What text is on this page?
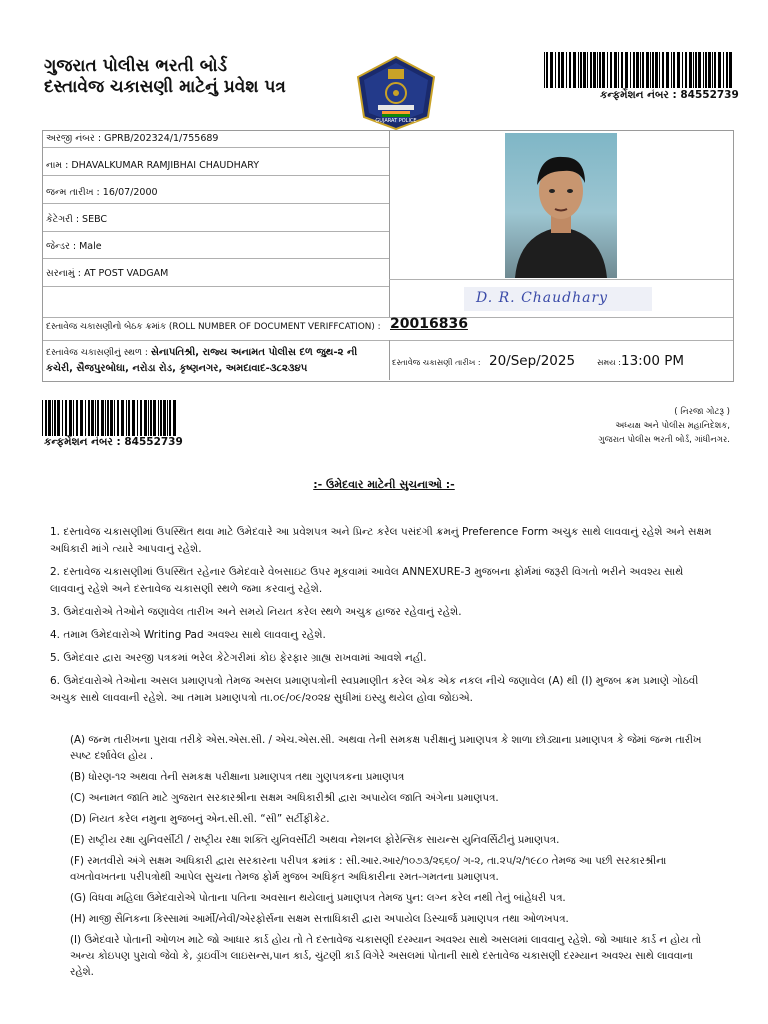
ગુજરાત પોલીસ ભરતી બોર્ડ
દસ્તાવેજ ચકાસણી માટેનું પ્રવેશ પત્ર
GUJARAT POLICE
કન્ફર્મેશન નંબર : 84552739
અરજી નંબર : GPRB/202324/1/755689
નામ : DHAVALKUMAR RAMJIBHAI CHAUDHARY
જન્મ તારીખ : 16/07/2000
કેટેગરી : SEBC
જેન્ડર : Male
સરનામું : AT POST VADGAM
D. R. Chaudhary
દસ્તાવેજ ચકાસણીનો બેઠક ક્રમાંક (ROLL NUMBER OF DOCUMENT VERIFFCATION) : 20016836
દસ્તાવેજ ચકાસણીનું સ્થળ : સેનાપતિશ્રી, રાજ્ય અનામત પોલીસ દળ જુથ-૨ ની
કચેરી, સૈજપુરબોઘા, નરોડા રોડ, કૃષ્ણનગર, અમદાવાદ-૩૮૨૩૪૫
દસ્તાવેજ ચકાસણી તારીખ : 20/Sep/2025	સમય : 13:00 PM
કન્ફર્મેશન નંબર : 84552739
( નિરજા ગોટરૂ )
અધ્યક્ષ અને પોલીસ મહાનિદેશક,
ગુજરાત પોલીસ ભરતી બોર્ડ, ગાંધીનગર.
:- ઉમેદવાર માટેની સુચનાઓ :-

1. દસ્તાવેજ ચકાસણીમાં ઉપસ્થિત થવા માટે ઉમેદવારે આ પ્રવેશપત્ર અને પ્રિન્ટ કરેલ પસંદગી ક્રમનું Preference Form અચુક સાથે લાવવાનું રહેશે અને સક્ષમ અધિકારી માંગે ત્યારે આપવાનું રહેશે.

2. દસ્તાવેજ ચકાસણીમાં ઉપસ્થિત રહેનાર ઉમેદવારે વેબસાઇટ ઉપર મૂકવામાં આવેલ ANNEXURE-3 મુજબના ફોર્મમાં જરૂરી વિગતો ભરીને અવશ્ય સાથે લાવવાનું રહેશે અને દસ્તાવેજ ચકાસણી સ્થળે જમા કરવાનું રહેશે.

3. ઉમેદવારોએ તેઓને જણાવેલ તારીખ અને સમયે નિયત કરેલ સ્થળે અચુક હાજર રહેવાનું રહેશે.

4. તમામ ઉમેદવારોએ Writing Pad અવશ્ય સાથે લાવવાનુ રહેશે.

5. ઉમેદવાર દ્વારા અરજી પત્રકમાં ભરેલ કેટેગરીમાં કોઇ ફેરફાર ગ્રાહ્ય રાખવામાં આવશે નહી.

6. ઉમેદવારોએ તેઓના અસલ પ્રમાણપત્રો તેમજ અસલ પ્રમાણપત્રોની સ્વપ્રમાણીત કરેલ એક એક નકલ નીચે જણાવેલ (A) થી (I) મુજબ ક્રમ પ્રમાણે ગોઠવી અચુક સાથે લાવવાની રહેશે. આ તમામ પ્રમાણપત્રો તા.૦૯/૦૯/૨૦૨૪ સુધીમાં ઇસ્યુ થયેલ હોવા જોઇએ.

(A) જન્મ તારીખના પુરાવા તરીકે એસ.એસ.સી. / એચ.એસ.સી. અથવા તેની સમકક્ષ પરીક્ષાનું પ્રમાણપત્ર કે શાળા છોડ્યાના પ્રમાણપત્ર કે જેમાં જન્મ તારીખ સ્પષ્ટ દર્શાવેલ હોય .

(B) ધોરણ-૧૨ અથવા તેની સમકક્ષ પરીક્ષાના પ્રમાણપત્ર તથા ગુણપત્રકના પ્રમાણપત્ર

(C) અનામત જાતિ માટે ગુજરાત સરકારશ્રીના સક્ષમ અધિકારીશ્રી દ્વારા અપાયેલ જાતિ અંગેના પ્રમાણપત્ર.

(D) નિયત કરેલ નમુના મુજબનું એન.સી.સી. “સી” સર્ટીફીકેટ.

(E) રાષ્ટ્રીય રક્ષા યુનિવર્સીટી / રાષ્ટ્રીય રક્ષા શક્તિ યુનિવર્સીટી અથવા નેશનલ ફોરેન્સિક સાયન્સ યુનિવર્સિટીનું પ્રમાણપત્ર.

(F) રમતવીરો અંગે સક્ષમ અધિકારી દ્વારા સરકારના પરીપત્ર ક્રમાંક : સી.આર.આર/૧૦૭૩/૨૬૬૦/ ગ-૨, તા.૨૫/૨/૧૯૮૦ તેમજ આ પછી સરકારશ્રીના વખતોવખતના પરીપત્રોથી આપેલ સુચના તેમજ ફોર્મ મુજબ અધિકૃત અધિકારીના રમત-ગમતના પ્રમાણપત્ર.

(G) વિધવા મહિલા ઉમેદવારોએ પોતાના પતિના અવસાન થયેલાનું પ્રમાણપત્ર તેમજ પુન: લગ્ન કરેલ નથી તેનું બાંહેધરી પત્ર.

(H) માજી સૈનિકના કિસ્સામાં આર્મી/નેવી/એરફોર્સના સક્ષમ સત્તાધિકારી દ્વારા અપાયેલ ડિસ્ચાર્જ પ્રમાણપત્ર તથા ઓળખપત્ર.

(I) ઉમેદવારે પોતાની ઓળખ માટે જો આધાર કાર્ડ હોય તો તે દસ્તાવેજ ચકાસણી દરમ્યાન અવશ્ય સાથે અસલમાં લાવવાનુ રહેશે. જો આધાર કાર્ડ ન હોય તો અન્ય કોઇપણ પુરાવો જેવો કે, ડ્રાઇવીંગ લાઇસન્સ,પાન કાર્ડ, ચુંટણી કાર્ડ વિગેરે અસલમાં પોતાની સાથે દસ્તાવેજ ચકાસણી દરમ્યાન અવશ્ય સાથે લાવવાના રહેશે.
